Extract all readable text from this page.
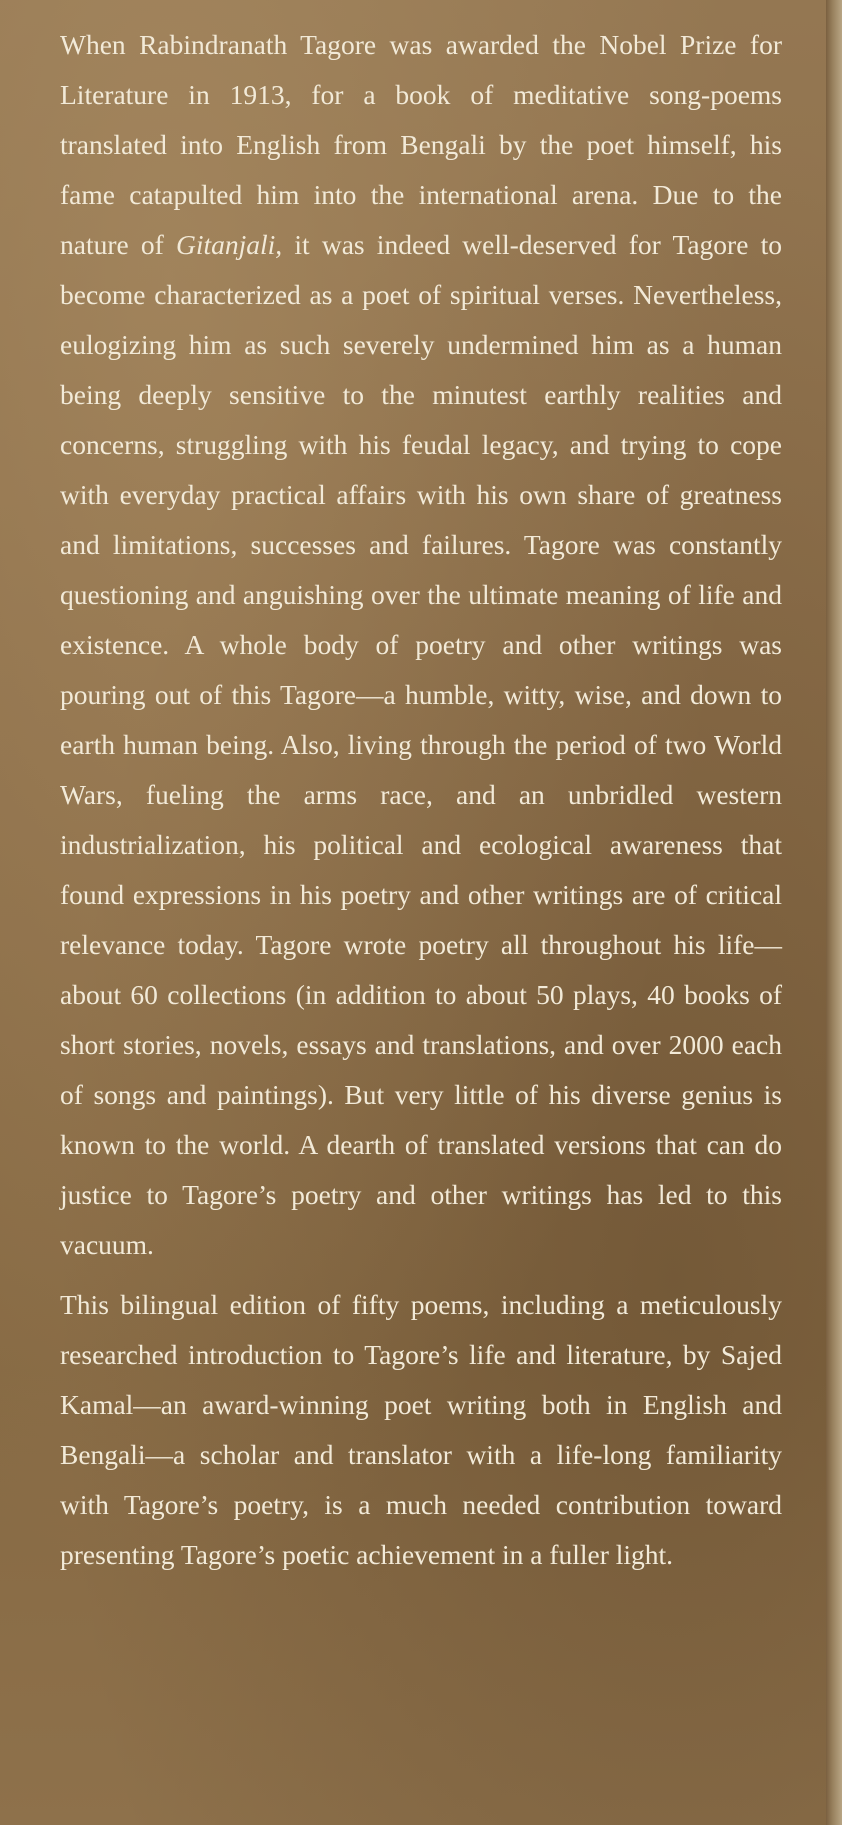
When Rabindranath Tagore was awarded the Nobel Prize for Literature in 1913, for a book of meditative song-poems translated into English from Bengali by the poet himself, his fame catapulted him into the international arena. Due to the nature of Gitanjali, it was indeed well-deserved for Tagore to become characterized as a poet of spiritual verses. Nevertheless, eulogizing him as such severely undermined him as a human being deeply sensitive to the minutest earthly realities and concerns, struggling with his feudal legacy, and trying to cope with everyday practical affairs with his own share of greatness and limitations, successes and failures. Tagore was constantly questioning and anguishing over the ultimate meaning of life and existence. A whole body of poetry and other writings was pouring out of this Tagore—a humble, witty, wise, and down to earth human being. Also, living through the period of two World Wars, fueling the arms race, and an unbridled western industrialization, his political and ecological awareness that found expressions in his poetry and other writings are of critical relevance today. Tagore wrote poetry all throughout his life—about 60 collections (in addition to about 50 plays, 40 books of short stories, novels, essays and translations, and over 2000 each of songs and paintings). But very little of his diverse genius is known to the world. A dearth of translated versions that can do justice to Tagore’s poetry and other writings has led to this vacuum.

This bilingual edition of fifty poems, including a meticulously researched introduction to Tagore’s life and literature, by Sajed Kamal—an award-winning poet writing both in English and Bengali—a scholar and translator with a life-long familiarity with Tagore’s poetry, is a much needed contribution toward presenting Tagore’s poetic achievement in a fuller light.
